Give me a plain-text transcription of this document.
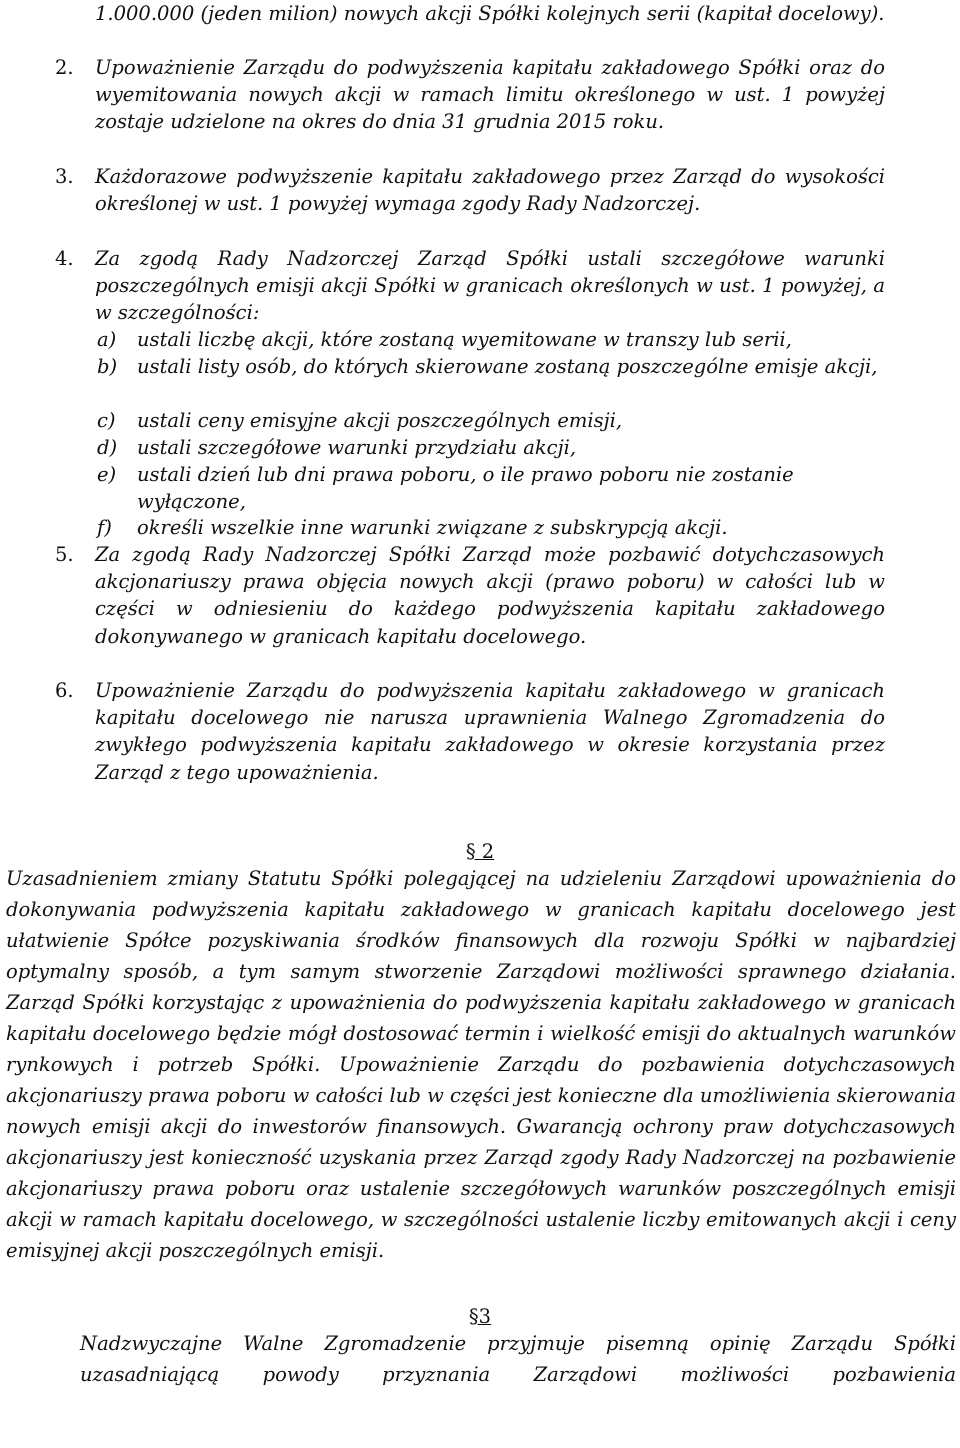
1.000.000 (jeden milion) nowych akcji Spółki kolejnych serii (kapitał docelowy).
2.	Upoważnienie Zarządu do podwyższenia kapitału zakładowego Spółki oraz do wyemitowania nowych akcji w ramach limitu określonego w ust. 1 powyżej zostaje udzielone na okres do dnia 31 grudnia 2015 roku.
3.	Każdorazowe podwyższenie kapitału zakładowego przez Zarząd do wysokości określonej w ust. 1 powyżej wymaga zgody Rady Nadzorczej.
4.	Za zgodą Rady Nadzorczej Zarząd Spółki ustali szczegółowe warunki poszczególnych emisji akcji Spółki w granicach określonych w ust. 1 powyżej, a w szczególności:
a)	ustali liczbę akcji, które zostaną wyemitowane w transzy lub serii,
b)	ustali listy osób, do których skierowane zostaną poszczególne emisje akcji,
c)	ustali ceny emisyjne akcji poszczególnych emisji,
d)	ustali szczegółowe warunki przydziału akcji,
e)	ustali dzień lub dni prawa poboru, o ile prawo poboru nie zostanie wyłączone,
f)	określi wszelkie inne warunki związane z subskrypcją akcji.
5.	Za zgodą Rady Nadzorczej Spółki Zarząd może pozbawić dotychczasowych akcjonariuszy prawa objęcia nowych akcji (prawo poboru) w całości lub w części w odniesieniu do każdego podwyższenia kapitału zakładowego dokonywanego w granicach kapitału docelowego.
6.	Upoważnienie Zarządu do podwyższenia kapitału zakładowego w granicach kapitału docelowego nie narusza uprawnienia Walnego Zgromadzenia do zwykłego podwyższenia kapitału zakładowego w okresie korzystania przez Zarząd z tego upoważnienia.
§ 2
Uzasadnieniem zmiany Statutu Spółki polegającej na udzieleniu Zarządowi upoważnienia do dokonywania podwyższenia kapitału zakładowego w granicach kapitału docelowego jest ułatwienie Spółce pozyskiwania środków finansowych dla rozwoju Spółki w najbardziej optymalny sposób, a tym samym stworzenie Zarządowi możliwości sprawnego działania. Zarząd Spółki korzystając z upoważnienia do podwyższenia kapitału zakładowego w granicach kapitału docelowego będzie mógł dostosować termin i wielkość emisji do aktualnych warunków rynkowych i potrzeb Spółki. Upoważnienie Zarządu do pozbawienia dotychczasowych akcjonariuszy prawa poboru w całości lub w części jest konieczne dla umożliwienia skierowania nowych emisji akcji do inwestorów finansowych. Gwarancją ochrony praw dotychczasowych akcjonariuszy jest konieczność uzyskania przez Zarząd zgody Rady Nadzorczej na pozbawienie akcjonariuszy prawa poboru oraz ustalenie szczegółowych warunków poszczególnych emisji akcji w ramach kapitału docelowego, w szczególności ustalenie liczby emitowanych akcji i ceny emisyjnej akcji poszczególnych emisji.
§3
Nadzwyczajne Walne Zgromadzenie przyjmuje pisemną opinię Zarządu Spółki uzasadniającą powody przyznania Zarządowi możliwości pozbawienia
